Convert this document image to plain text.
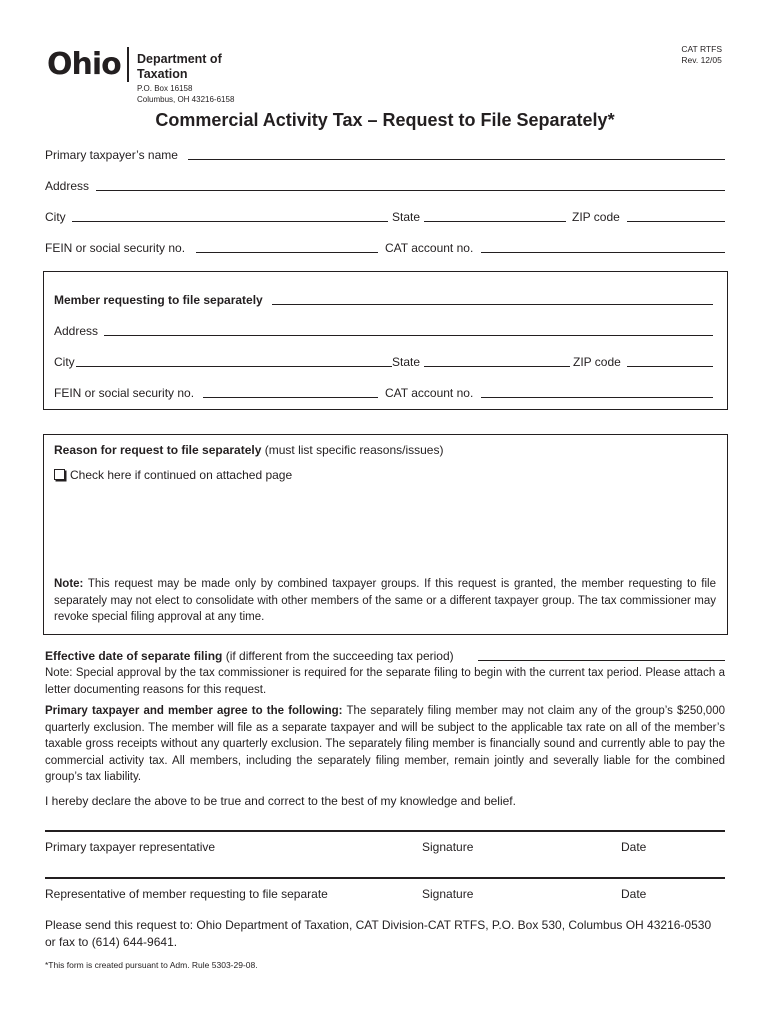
Ohio Department of
Taxation
P.O. Box 16158
Columbus, OH 43216-6158
CAT RTFS
Rev. 12/05
Commercial Activity Tax – Request to File Separately*
Primary taxpayer’s name
Address
City	State	ZIP code
FEIN or social security no.	CAT account no.
Member requesting to file separately
Address
City	State	ZIP code
FEIN or social security no.	CAT account no.
Reason for request to file separately (must list specific reasons/issues)
Check here if continued on attached page
Note: This request may be made only by combined taxpayer groups. If this request is granted, the member requesting to file separately may not elect to consolidate with other members of the same or a different taxpayer group. The tax commissioner may revoke special filing approval at any time.
Effective date of separate filing (if different from the succeeding tax period)
Note: Special approval by the tax commissioner is required for the separate filing to begin with the current tax period. Please attach a letter documenting reasons for this request.
Primary taxpayer and member agree to the following: The separately filing member may not claim any of the group’s $250,000 quarterly exclusion. The member will file as a separate taxpayer and will be subject to the applicable tax rate on all of the member’s taxable gross receipts without any quarterly exclusion. The separately filing member is financially sound and currently able to pay the commercial activity tax. All members, including the separately filing member, remain jointly and severally liable for the combined group’s tax liability.
I hereby declare the above to be true and correct to the best of my knowledge and belief.
Primary taxpayer representative	Signature	Date
Representative of member requesting to file separate	Signature	Date
Please send this request to: Ohio Department of Taxation, CAT Division-CAT RTFS, P.O. Box 530, Columbus OH 43216-0530 or fax to (614) 644-9641.
*This form is created pursuant to Adm. Rule 5303-29-08.
